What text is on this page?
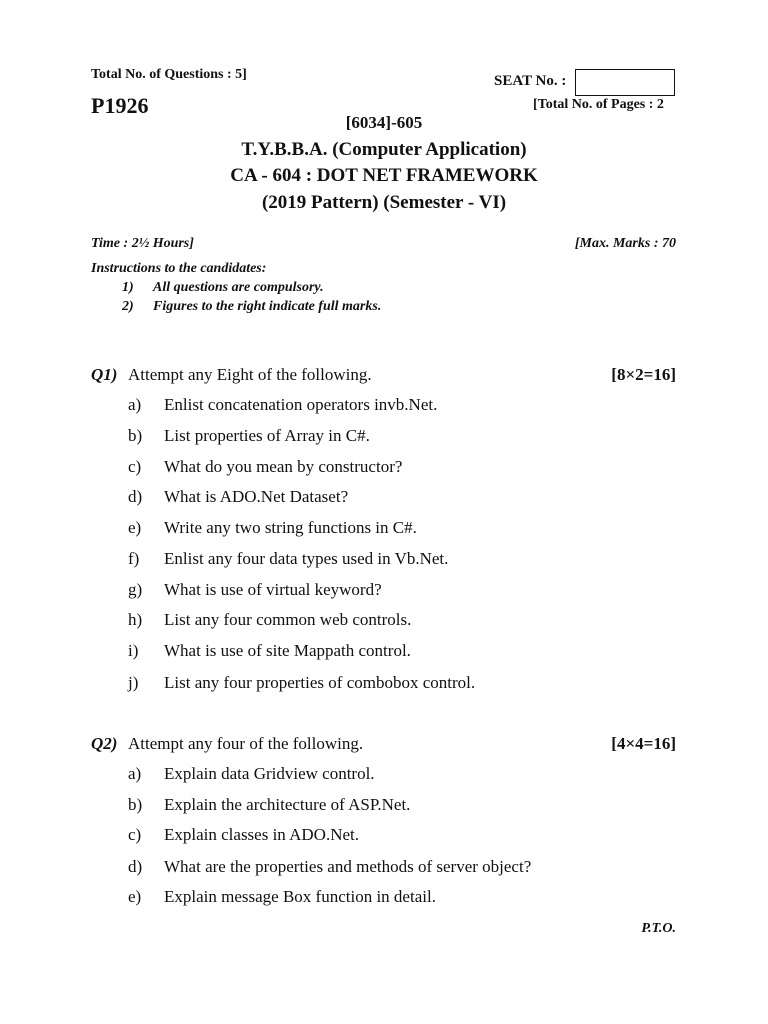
Total No. of Questions : 5]	SEAT No. :
P1926	[Total No. of Pages : 2
[6034]-605
T.Y.B.B.A. (Computer Application)
CA - 604 : DOT NET FRAMEWORK
(2019 Pattern) (Semester - VI)
Time : 2½ Hours]	[Max. Marks : 70
Instructions to the candidates:
1) All questions are compulsory.
2) Figures to the right indicate full marks.
Q1) Attempt any Eight of the following.	[8×2=16]
a) Enlist concatenation operators invb.Net.
b) List properties of Array in C#.
c) What do you mean by constructor?
d) What is ADO.Net Dataset?
e) Write any two string functions in C#.
f) Enlist any four data types used in Vb.Net.
g) What is use of virtual keyword?
h) List any four common web controls.
i) What is use of site Mappath control.
j) List any four properties of combobox control.
Q2) Attempt any four of the following.	[4×4=16]
a) Explain data Gridview control.
b) Explain the architecture of ASP.Net.
c) Explain classes in ADO.Net.
d) What are the properties and methods of server object?
e) Explain message Box function in detail.
P.T.O.
